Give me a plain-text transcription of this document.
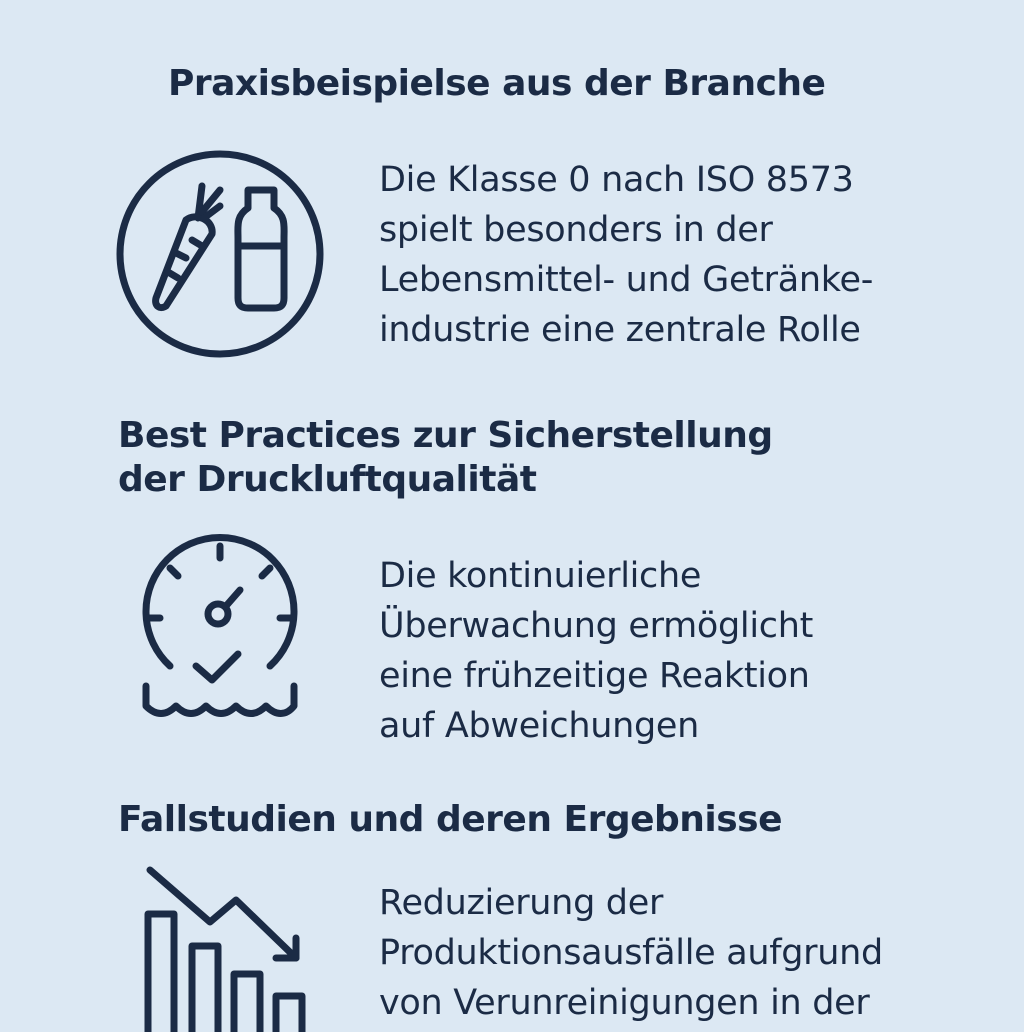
Praxisbeispielse aus der Branche

Die Klasse 0 nach ISO 8573
spielt besonders in der
Lebensmittel- und Getränke-
industrie eine zentrale Rolle

Best Practices zur Sicherstellung
der Druckluftqualität

Die kontinuierliche
Überwachung ermöglicht
eine frühzeitige Reaktion
auf Abweichungen

Fallstudien und deren Ergebnisse

Reduzierung der
Produktionsausfälle aufgrund
von Verunreinigungen in der
